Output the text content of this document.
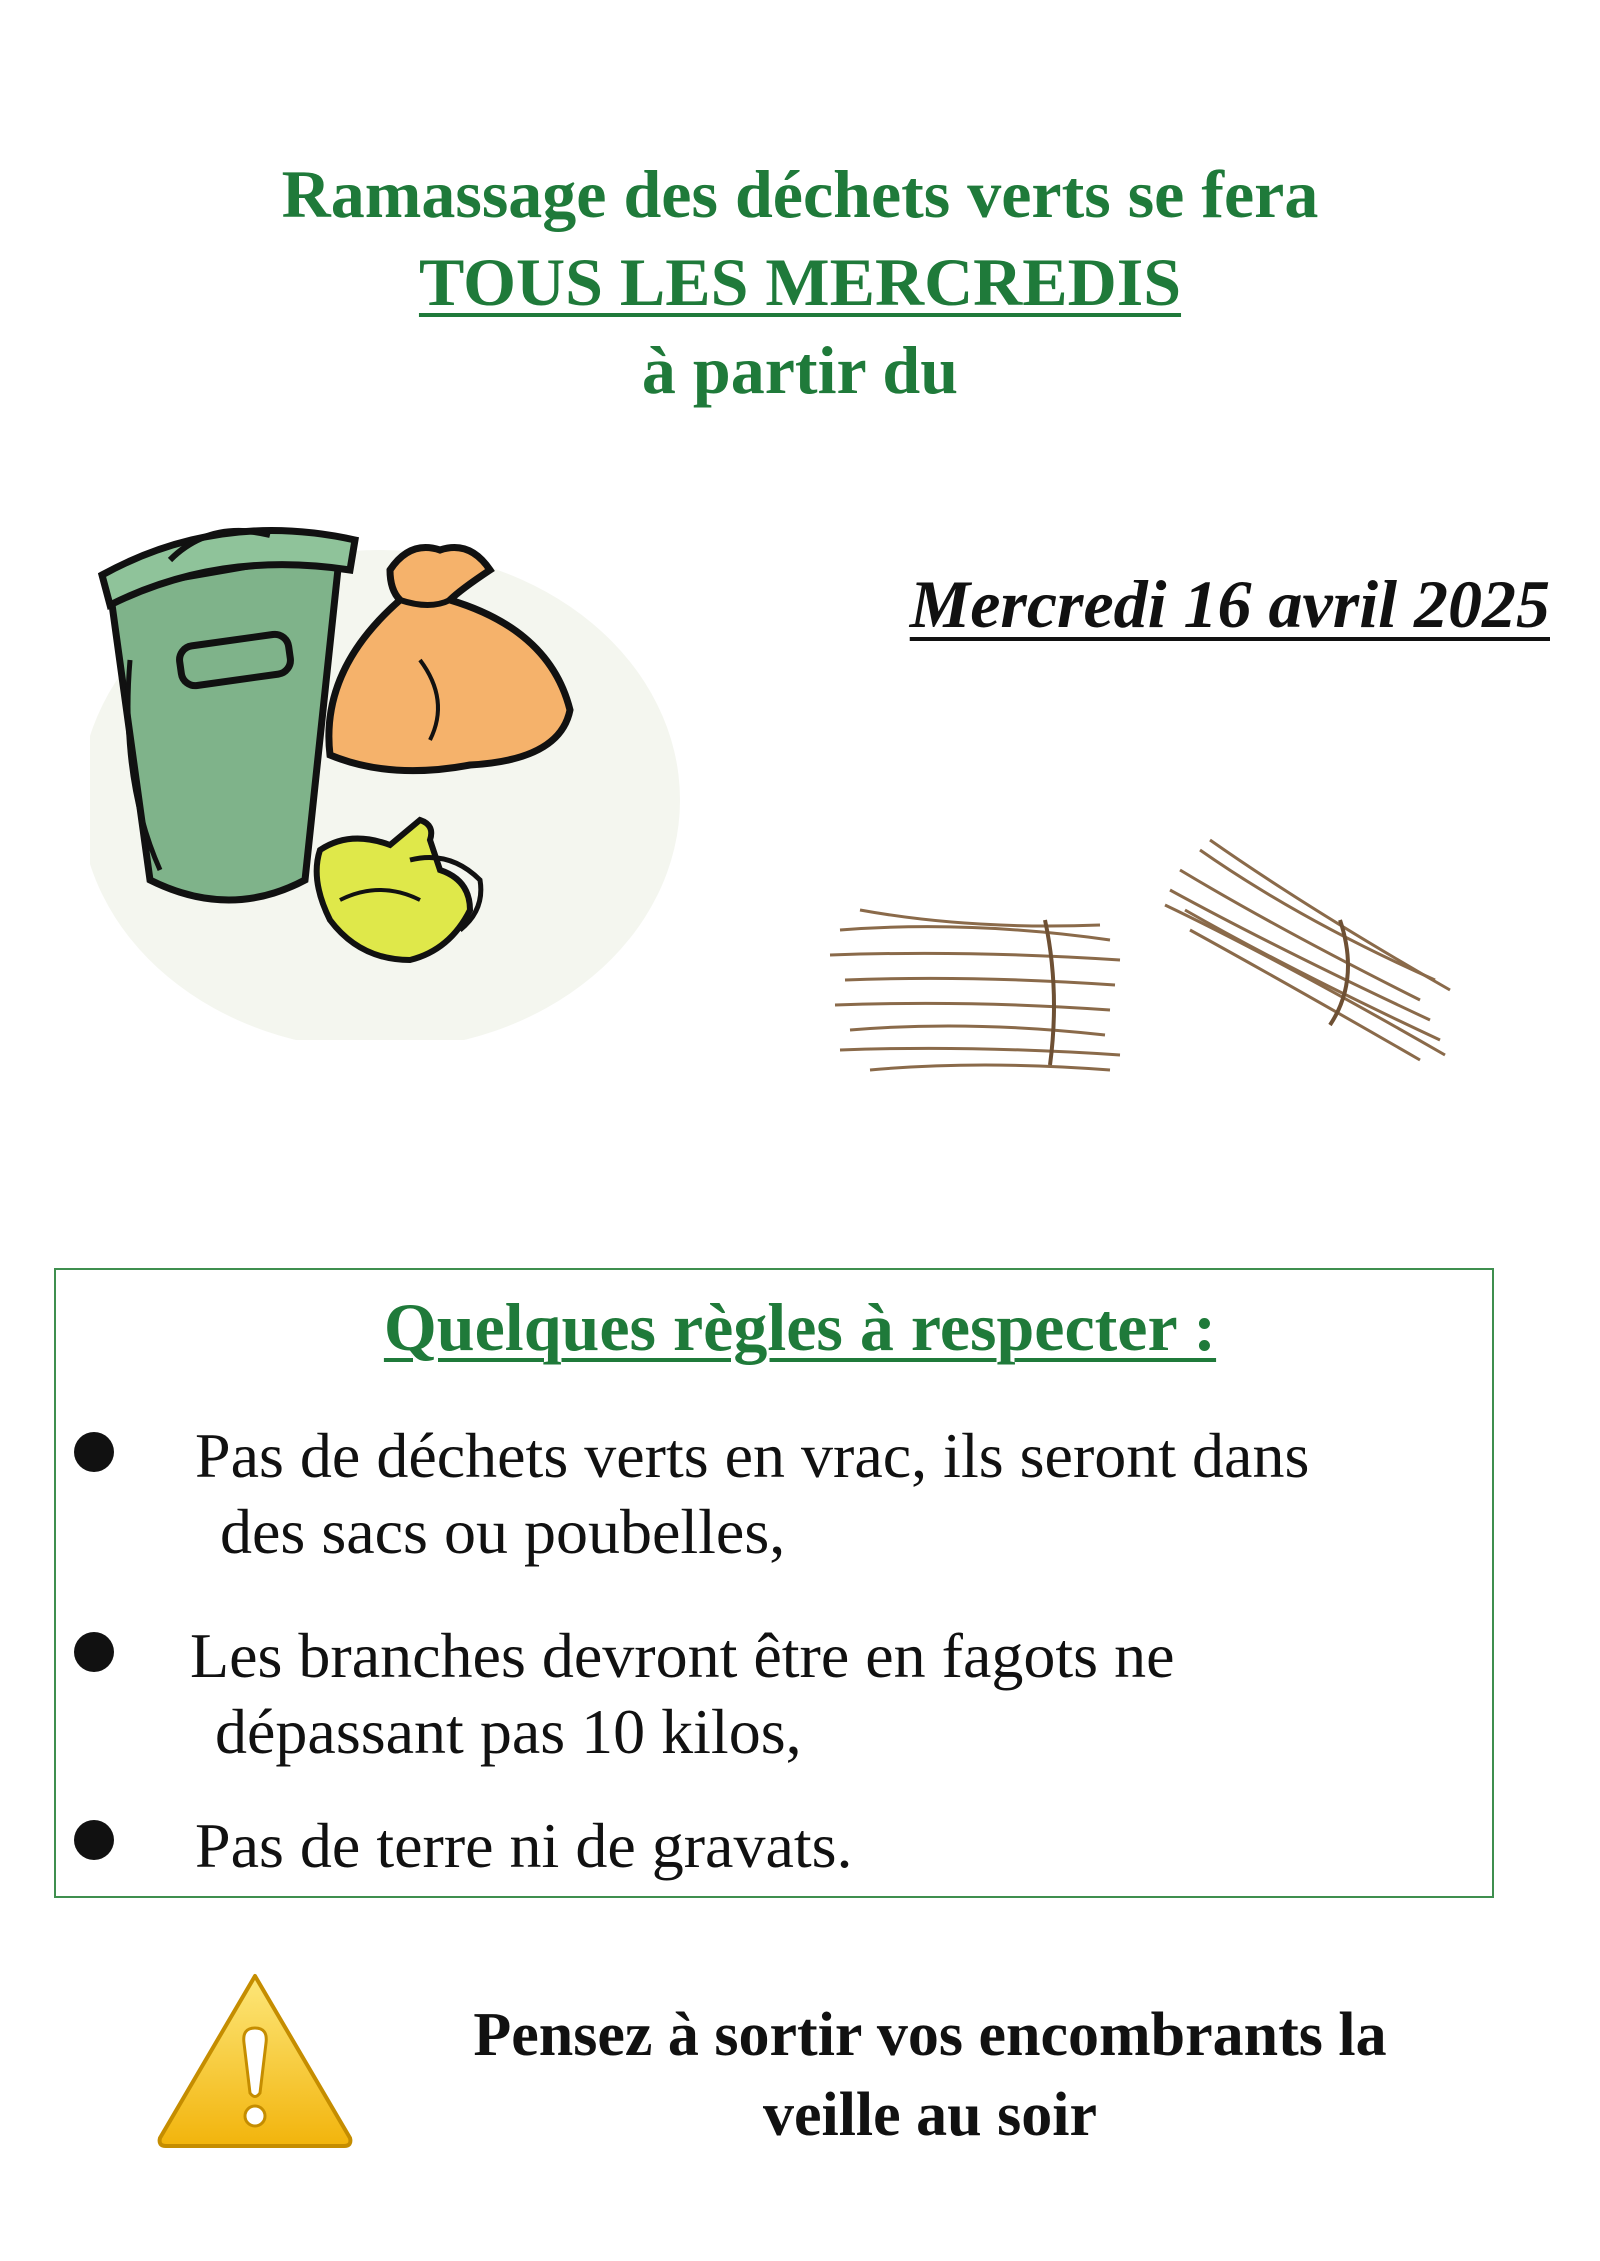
Ramassage des déchets verts se fera
TOUS LES MERCREDIS
à partir du
Mercredi 16 avril 2025
Quelques règles à respecter :
Pas de déchets verts en vrac, ils seront dans
des sacs ou poubelles,
Les branches devront être en fagots ne
dépassant pas 10 kilos,
Pas de terre ni de gravats.
Pensez à sortir vos encombrants la
veille au soir
